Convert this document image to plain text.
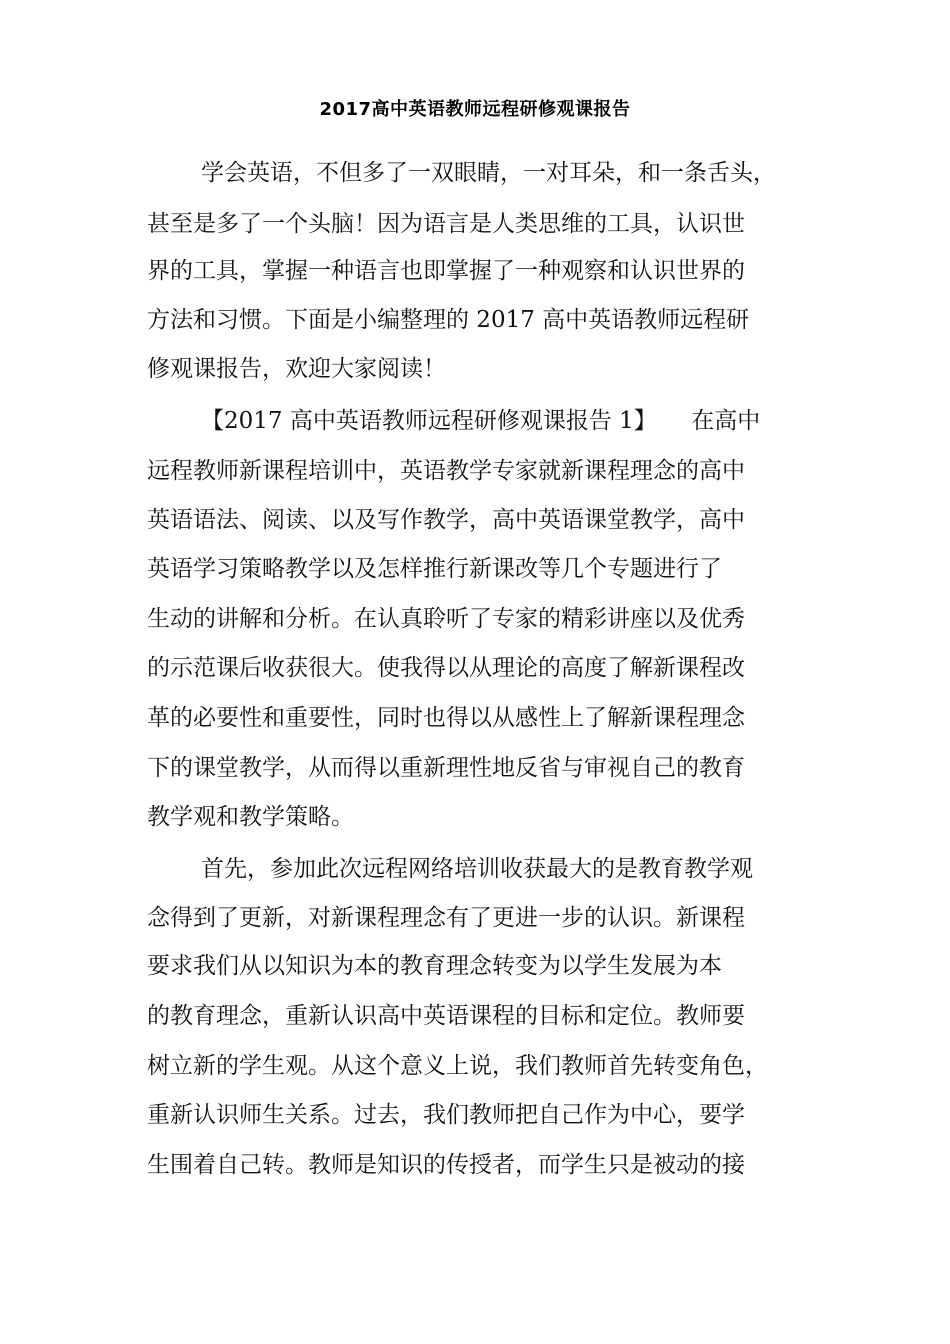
2017高中英语教师远程研修观课报告
学会英语，不但多了一双眼睛，一对耳朵，和一条舌头，
甚至是多了一个头脑！因为语言是人类思维的工具，认识世
界的工具，掌握一种语言也即掌握了一种观察和认识世界的
方法和习惯。下面是小编整理的 2017 高中英语教师远程研
修观课报告，欢迎大家阅读！
【2017 高中英语教师远程研修观课报告 1】　　在高中
远程教师新课程培训中，英语教学专家就新课程理念的高中
英语语法、阅读、以及写作教学，高中英语课堂教学，高中
英语学习策略教学以及怎样推行新课改等几个专题进行了
生动的讲解和分析。在认真聆听了专家的精彩讲座以及优秀
的示范课后收获很大。使我得以从理论的高度了解新课程改
革的必要性和重要性，同时也得以从感性上了解新课程理念
下的课堂教学，从而得以重新理性地反省与审视自己的教育
教学观和教学策略。
首先，参加此次远程网络培训收获最大的是教育教学观
念得到了更新，对新课程理念有了更进一步的认识。新课程
要求我们从以知识为本的教育理念转变为以学生发展为本
的教育理念，重新认识高中英语课程的目标和定位。教师要
树立新的学生观。从这个意义上说，我们教师首先转变角色，
重新认识师生关系。过去，我们教师把自己作为中心，要学
生围着自己转。教师是知识的传授者，而学生只是被动的接
